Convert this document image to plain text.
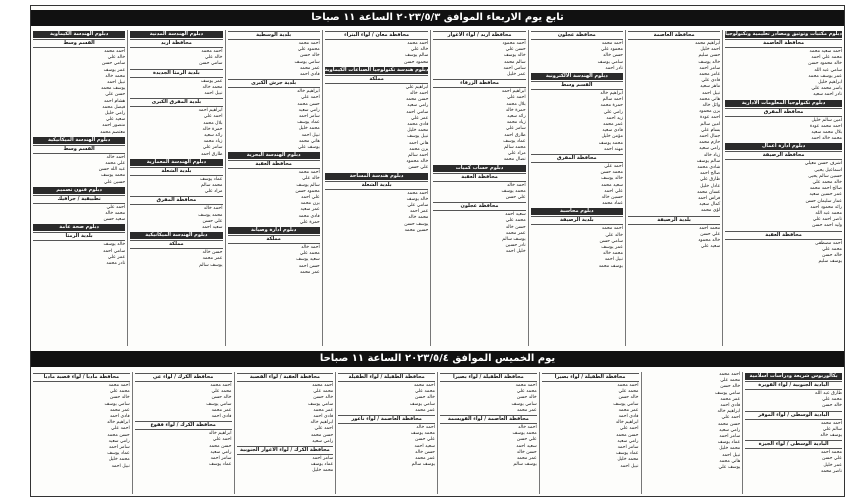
تابع يوم الاربعاء الموافق ٢٠٢٣/٥/٣ الساعة ١١ صباحا
دبلوم مكتبات وتوثيق ومصادر تعليمية وتكنولوجيا
محافظة العاصمة
احمد سعيد محمد
محمد علي احمد
خالد محمود حسن
سامي عبد الله
عمر يوسف محمد
ابراهيم خليل
ياسر محمد علي
نادر احمد سعيد
دبلوم تكنولوجيا المعلومات الادارية
محافظة المفرق
امين سالم خليل
احمد محمد عودة
بلال محمد سعيد
محمد خالد احمد
دبلوم ادارة اعمال
محافظة الرصيفة
اشرف حسن معيلي
اسماعيل يحيى
حسين سالم يحيى
خالد محمد علي
صالح احمد محمد
عمر حسين سعيد
عمار سليمان حسن
رائد محمود احمد
محمد عبد الله
ناصر احمد علي
وليد احمد حسن
محافظة العقبة
احمد مصطفى
محمد علي
خالد حسن
يوسف سليم
محافظة العاصمة
ابراهيم محمد
احمد خليل
حسن سليم
خالد يوسف
سامر احمد
عامر محمد
فادي علي
ماهر سعيد
نبيل احمد
هاني محمد
وائل خالد
يزن محمود
احمد عودة
امين سالم
بسام علي
جمال احمد
حازم محمد
رامي سعيد
زياد خالد
سالم يوسف
شادي محمد
صالح احمد
طارق علي
عادل خليل
غسان محمد
فراس احمد
كمال سعيد
لؤي محمد
بلدية الرصيفة
محمد احمد
علي حسن
خالد محمود
سعيد علي
محافظة عجلون
احمد محمد
محمود علي
حسن خالد
سامي يوسف
نادر احمد
دبلوم الهندسة الالكترونية
القسم وسط
ابراهيم خالد
احمد سالم
حمزة محمد
رامي علي
زيد احمد
عمر محمد
فادي سعيد
مؤمن خليل
محمد يوسف
مهند احمد
محافظة المفرق
احمد علي
محمد حسن
خالد يوسف
سعيد محمد
علي احمد
حسين خالد
عماد محمد
دبلوم محاسبة
بلدية الرصيفة
احمد محمد
خالد علي
سامي حسن
عمر يوسف
محمد خالد
نبيل احمد
يوسف محمد
محافظة اربد / لواء الاغوار
احمد محمود
حسن علي
خالد يوسف
سالم محمد
سامي احمد
عمر خليل
محافظة الزرقاء
ابراهيم احمد
احمد علي
بلال محمد
حمزة خالد
رائد سعيد
زياد محمد
سامر علي
طارق احمد
عماد يوسف
محمد سالم
مراد علي
نضال محمد
دبلوم حساب كميات
محافظة العقبة
احمد خالد
محمد يوسف
علي حسن
محافظة عجلون
سعيد احمد
محمد علي
حسن خالد
عمر محمد
يوسف سالم
نادر حسين
خليل احمد
محافظة معان / لواء البتراء
احمد محمد
خالد علي
سالم يوسف
محمود حسن
دبلوم هندسة تكنولوجيا الصناعات الكيماوية
مملكة
ابراهيم علي
احمد خالد
حسن محمد
رامي سعيد
سامي احمد
عمر علي
فادي محمد
محمد خليل
نبيل يوسف
هاني احمد
يزن محمد
احمد سالم
خالد محمود
علي حسن
دبلوم هندسة المساحة
بلدية الشعلة
احمد محمد
خالد يوسف
سامي علي
عمر احمد
محمد خالد
يوسف حسن
حسين محمد
بلدية الوسطية
احمد محمد
محمود علي
خالد حسن
سامي يوسف
عمر محمد
فادي احمد
بلدية جرش الكبرى
ابراهيم خالد
احمد علي
حسن محمد
رامي سعيد
سامر احمد
عماد يوسف
محمد خليل
نبيل احمد
هاني محمد
يوسف علي
دبلوم الهندسة البحرية
محافظة العقبة
احمد محمد
خالد علي
سالم يوسف
محمود حسن
علي احمد
يزن محمد
عمر سعيد
فادي محمد
حمزة علي
دبلوم ادارة وصيانة
مملكة
احمد خالد
محمد علي
سعيد يوسف
حسن احمد
عمر محمد
دبلوم الهندسة المدنية
محافظة اربد
احمد محمد
خالد علي
سامي حسن
بلدية الرمثا الجديدة
عمر يوسف
محمد خالد
نبيل احمد
بلدية المفرق الكبرى
ابراهيم احمد
احمد علي
بلال محمد
حمزة خالد
رائد سعيد
زياد محمد
سامر علي
طارق احمد
دبلوم الهندسة المعمارية
بلدية الشعلة
عماد يوسف
محمد سالم
مراد علي
محافظة المفرق
احمد خالد
محمد يوسف
علي حسن
سعيد احمد
دبلوم الهندسة الميكانيكية
مملكة
حسن خالد
عمر محمد
يوسف سالم
دبلوم الهندسة الكيماوية
القسم وسط
احمد محمد
خالد علي
سامي حسن
عمر يوسف
محمد خالد
نبيل احمد
يوسف محمد
حسن علي
هشام احمد
فيصل محمد
رامي خليل
سعيد علي
منصور احمد
معتصم محمد
دبلوم الهندسة الميكانيكية
القسم وسط
احمد خالد
علي محمد
عبد الله حسن
محمد يوسف
حسين علي
دبلوم فنون تصميم
تطبيقية / جرافيك
احمد علي
محمد خالد
سعيد حسن
دبلوم صحة عامة
بلدية الرمثا
خالد يوسف
سامي احمد
عمر علي
نادر محمد
يوم الخميس الموافق ٢٠٢٣/٥/٤ الساعة ١١ صباحا
بكالوريوس شريعة ودراسات اسلامية
البادية الجنوبية / لواء القويرة
طارق عبد الله
محمد علي
خالد حسن
البادية الوسطى / لواء الموقر
احمد محمد
سالم علي
يوسف خالد
البادية الوسطى / لواء الجيزة
محمد احمد
علي حسن
عمر خليل
ناصر محمد
احمد محمد
محمد علي
خالد حسن
سامي يوسف
عمر محمد
فادي احمد
ابراهيم خالد
احمد علي
حسن محمد
رامي سعيد
سامر احمد
عماد يوسف
محمد خليل
نبيل احمد
هاني محمد
يوسف علي
محافظة الطفيلة / لواء بصيرا
احمد محمد
محمد علي
خالد حسن
سامي يوسف
عمر محمد
فادي احمد
ابراهيم خالد
احمد علي
حسن محمد
رامي سعيد
سامر احمد
عماد يوسف
محمد خليل
نبيل احمد
محافظة الطفيلة / لواء بصيرا
احمد محمد
محمد علي
خالد حسن
سامي يوسف
عمر محمد
محافظة العاصمة / لواء القويسمة
احمد خالد
محمد يوسف
علي حسن
سعيد احمد
حسن خالد
عمر محمد
يوسف سالم
محافظة الطفيلة / لواء الطفيلة
احمد محمد
محمد علي
خالد حسن
سامي يوسف
عمر محمد
محافظة العاصمة / لواء ناعور
احمد خالد
محمد يوسف
علي حسن
سعيد احمد
حسن خالد
عمر محمد
يوسف سالم
محافظة العقبة / لواء القصبة
احمد محمد
محمد علي
خالد حسن
سامي يوسف
عمر محمد
فادي احمد
ابراهيم خالد
احمد علي
حسن محمد
رامي سعيد
محافظة الكرك / لواء الاغوار الجنوبية
سامر احمد
عماد يوسف
محمد خليل
محافظة الكرك / لواء عي
احمد محمد
محمد علي
خالد حسن
سامي يوسف
عمر محمد
فادي احمد
محافظة الكرك / لواء فقوع
ابراهيم خالد
احمد علي
حسن محمد
رامي سعيد
سامر احمد
عماد يوسف
محافظة مادبا / لواء قصبة مادبا
احمد محمد
محمد علي
خالد حسن
سامي يوسف
عمر محمد
فادي احمد
ابراهيم خالد
احمد علي
حسن محمد
رامي سعيد
سامر احمد
عماد يوسف
محمد خليل
نبيل احمد
